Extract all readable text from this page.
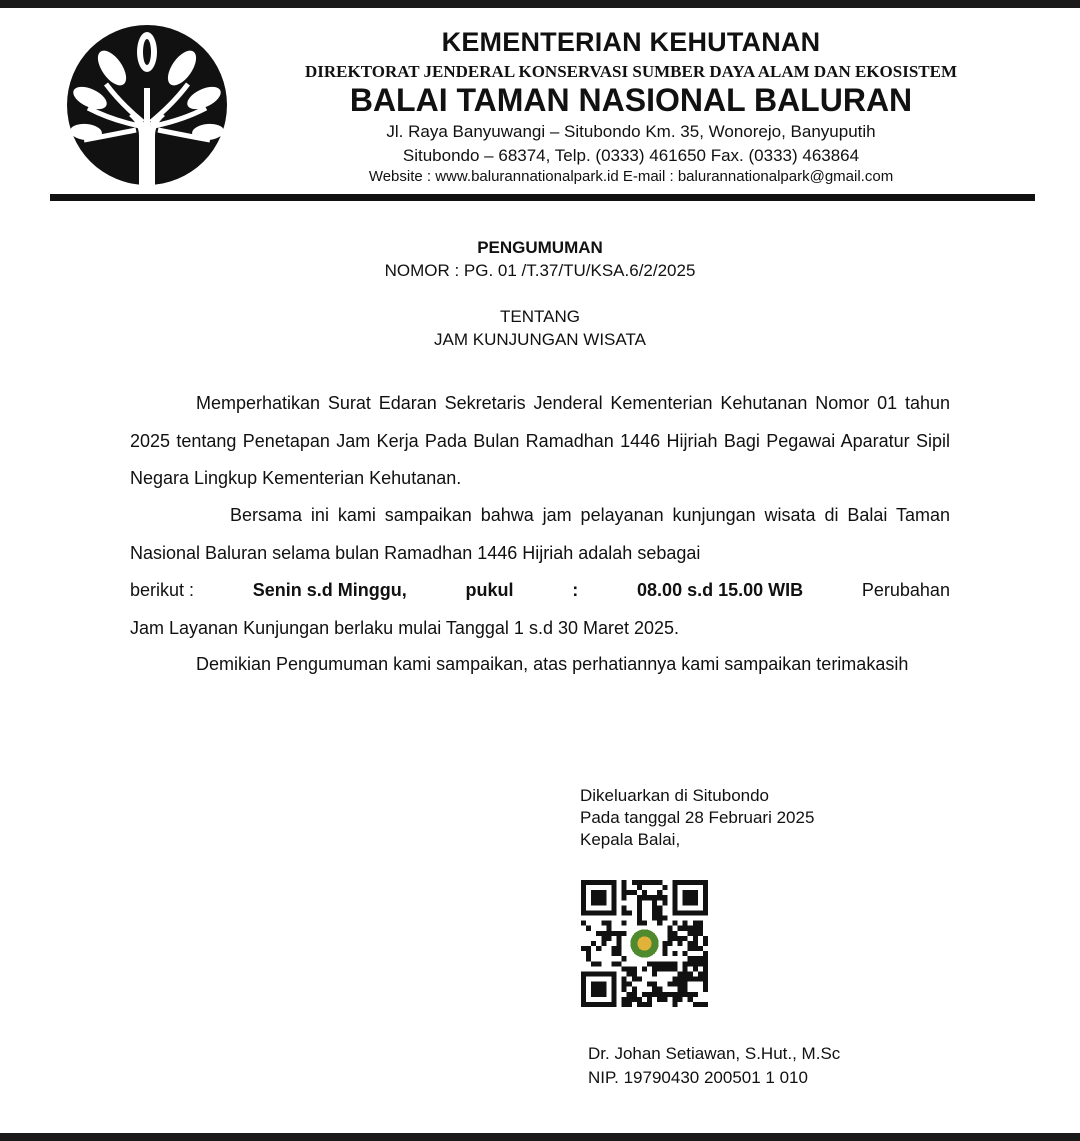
KEMENTERIAN KEHUTANAN
DIREKTORAT JENDERAL KONSERVASI SUMBER DAYA ALAM DAN EKOSISTEM
BALAI TAMAN NASIONAL BALURAN
Jl. Raya Banyuwangi – Situbondo Km. 35, Wonorejo, Banyuputih
Situbondo – 68374, Telp. (0333) 461650 Fax. (0333) 463864
Website : www.balurannationalpark.id E-mail : balurannationalpark@gmail.com
PENGUMUMAN
NOMOR : PG. 01 /T.37/TU/KSA.6/2/2025
TENTANG
JAM KUNJUNGAN WISATA
Memperhatikan Surat Edaran Sekretaris Jenderal Kementerian Kehutanan Nomor 01 tahun 2025 tentang Penetapan Jam Kerja Pada Bulan Ramadhan 1446 Hijriah Bagi Pegawai Aparatur Sipil Negara Lingkup Kementerian Kehutanan.
Bersama ini kami sampaikan bahwa jam pelayanan kunjungan wisata di Balai Taman Nasional Baluran selama bulan Ramadhan 1446 Hijriah adalah sebagai
berikut :	Senin s.d Minggu,	pukul	:	08.00 s.d 15.00 WIB	Perubahan
Jam Layanan Kunjungan berlaku mulai Tanggal 1 s.d 30 Maret 2025.
Demikian Pengumuman kami sampaikan, atas perhatiannya kami sampaikan terimakasih
Dikeluarkan di Situbondo
Pada tanggal 28 Februari 2025
Kepala Balai,
Dr. Johan Setiawan, S.Hut., M.Sc
NIP. 19790430 200501 1 010
